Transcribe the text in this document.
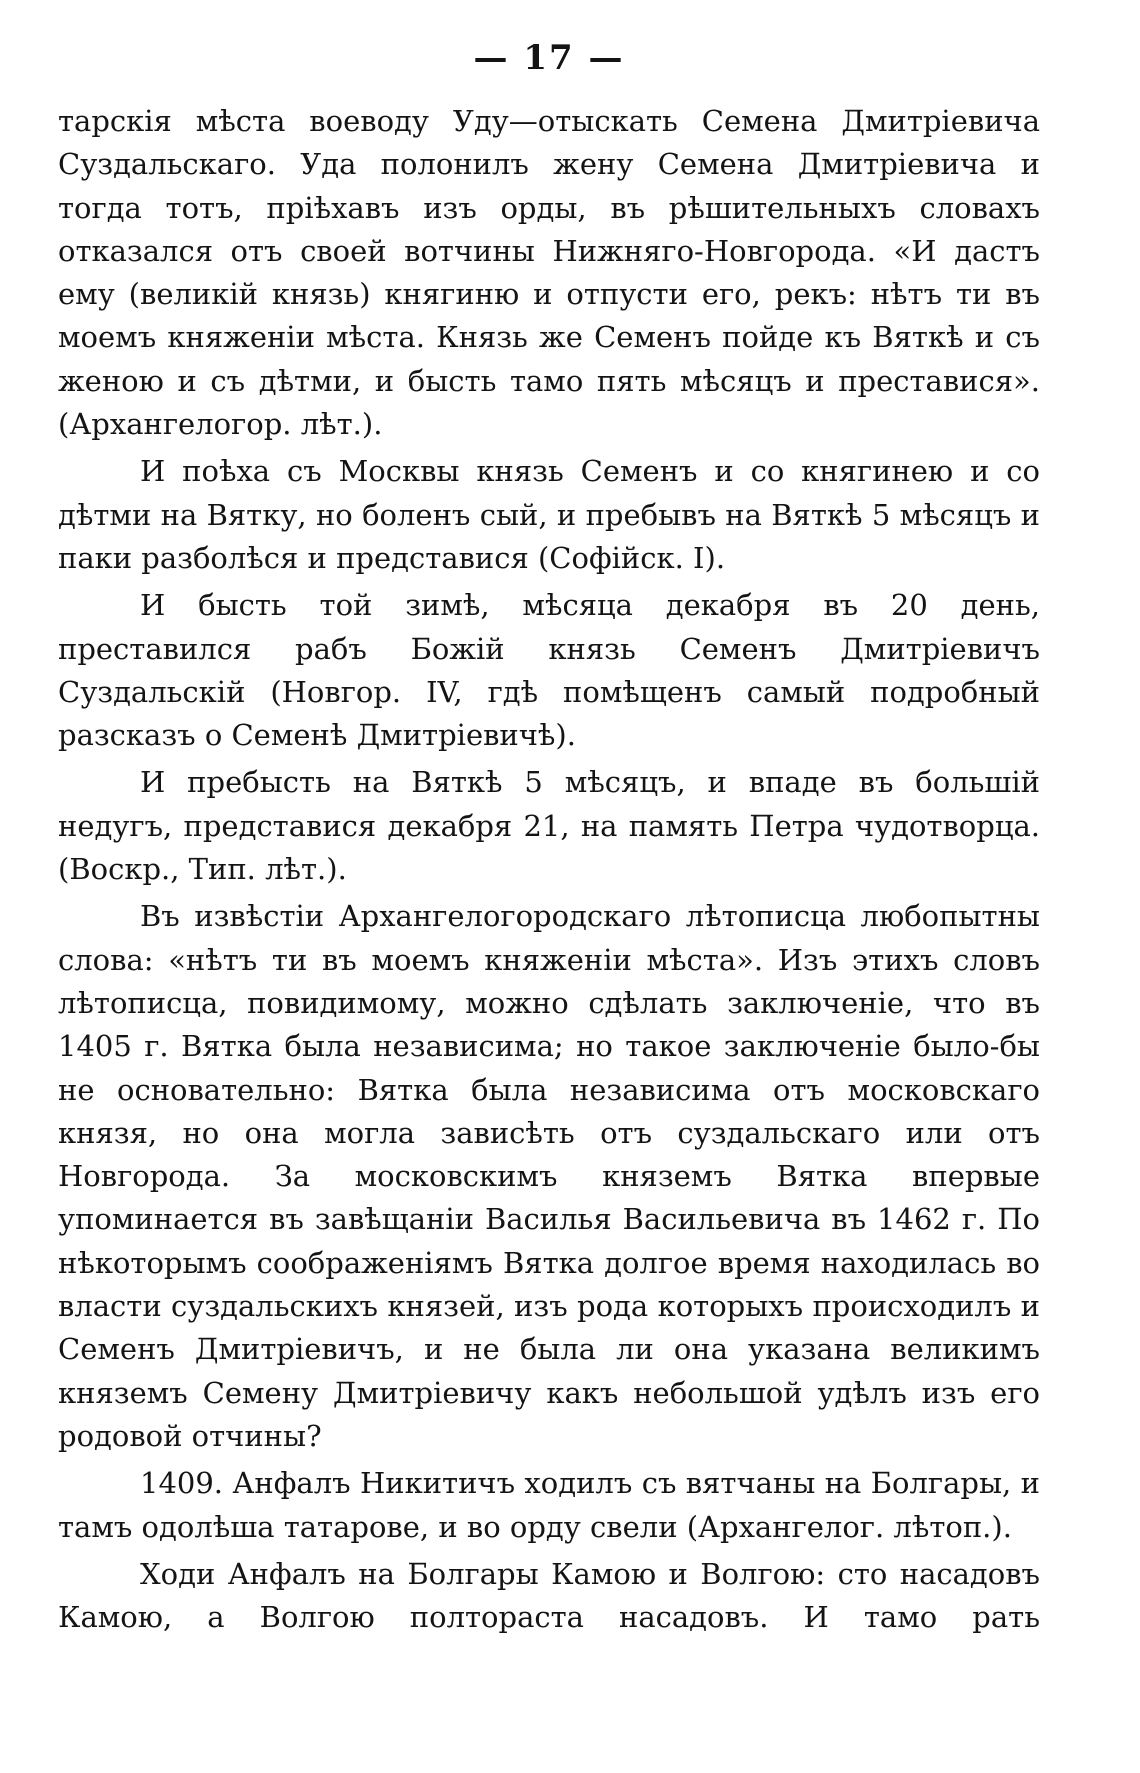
— 17 —

тарскія мѣста воеводу Уду—отыскать Семена Дмитріевича Суздальскаго. Уда полонилъ жену Семена Дмитріевича и тогда тотъ, пріѣхавъ изъ орды, въ рѣшительныхъ словахъ отказался отъ своей вотчины Нижняго-Новгорода. «И дастъ ему (великій князь) княгиню и отпусти его, рекъ: нѣтъ ти въ моемъ княженіи мѣста. Князь же Семенъ пойде къ Вяткѣ и съ женою и съ дѣтми, и бысть тамо пять мѣсяцъ и преставися». (Архангелогор. лѣт.).

И поѣха съ Москвы князь Семенъ и со княгинею и со дѣтми на Вятку, но боленъ сый, и пребывъ на Вяткѣ 5 мѣсяцъ и паки разболѣся и представися (Софійск. I).

И бысть той зимѣ, мѣсяца декабря въ 20 день, преставился рабъ Божій князь Семенъ Дмитріевичъ Суздальскій (Новгор. IV, гдѣ помѣщенъ самый подробный разсказъ о Семенѣ Дмитріевичѣ).

И пребысть на Вяткѣ 5 мѣсяцъ, и впаде въ большій недугъ, представися декабря 21, на память Петра чудотворца. (Воскр., Тип. лѣт.).

Въ извѣстіи Архангелогородскаго лѣтописца любопытны слова: «нѣтъ ти въ моемъ княженіи мѣста». Изъ этихъ словъ лѣтописца, повидимому, можно сдѣлать заключеніе, что въ 1405 г. Вятка была независима; но такое заключеніе было-бы не основательно: Вятка была независима отъ московскаго князя, но она могла зависѣть отъ суздальскаго или отъ Новгорода. За московскимъ княземъ Вятка впервые упоминается въ завѣщаніи Василья Васильевича въ 1462 г. По нѣкоторымъ соображеніямъ Вятка долгое время находилась во власти суздальскихъ князей, изъ рода которыхъ происходилъ и Семенъ Дмитріевичъ, и не была ли она указана великимъ княземъ Семену Дмитріевичу какъ небольшой удѣлъ изъ его родовой отчины?

1409. Анфалъ Никитичъ ходилъ съ вятчаны на Болгары, и тамъ одолѣша татарове, и во орду свели (Архангелог. лѣтоп.).

Ходи Анфалъ на Болгары Камою и Волгою: сто насадовъ Камою, а Волгою полтораста насадовъ. И тамо рать
